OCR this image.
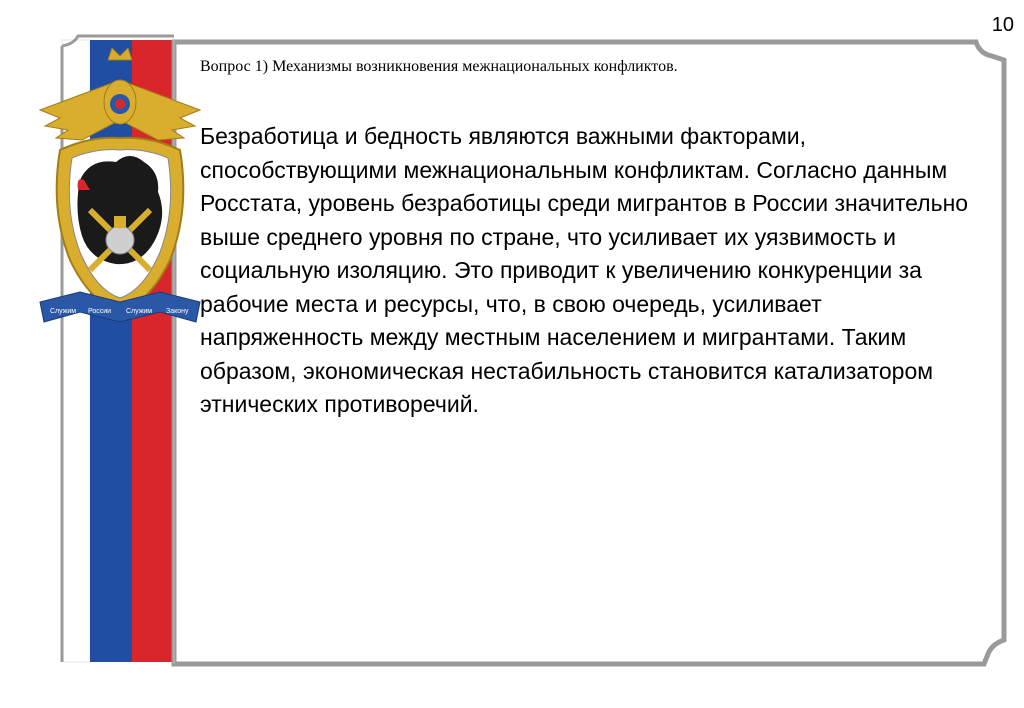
Служим России Служим Закону
10
Вопрос 1) Механизмы возникновения межнациональных конфликтов.

Безработица и бедность являются важными факторами, способствующими межнациональным конфликтам. Согласно данным Росстата, уровень безработицы среди мигрантов в России значительно выше среднего уровня по стране, что усиливает их уязвимость и социальную изоляцию. Это приводит к увеличению конкуренции за рабочие места и ресурсы, что, в свою очередь, усиливает напряженность между местным населением и мигрантами. Таким образом, экономическая нестабильность становится катализатором этнических противоречий.
